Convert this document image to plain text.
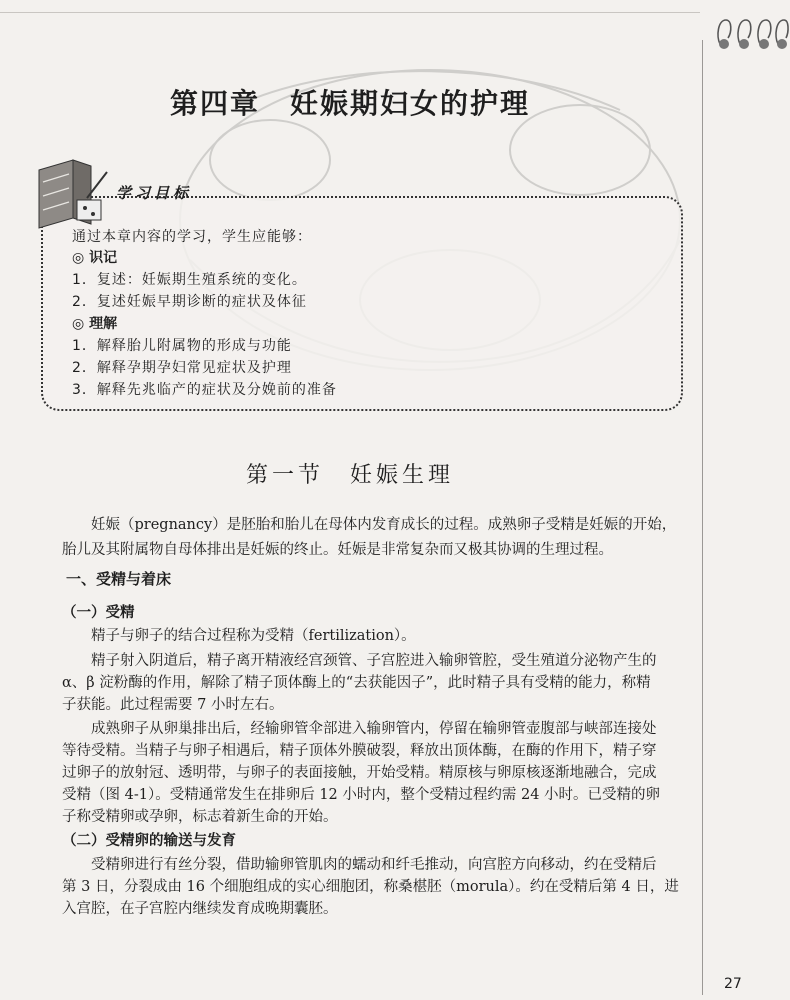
第四章　妊娠期妇女的护理
学习目标
通过本章内容的学习，学生应能够：
◎ 识记
1．复述：妊娠期生殖系统的变化。
2．复述妊娠早期诊断的症状及体征
◎ 理解
1．解释胎儿附属物的形成与功能
2．解释孕期孕妇常见症状及护理
3．解释先兆临产的症状及分娩前的准备
第一节　妊娠生理
妊娠（pregnancy）是胚胎和胎儿在母体内发育成长的过程。成熟卵子受精是妊娠的开始，
胎儿及其附属物自母体排出是妊娠的终止。妊娠是非常复杂而又极其协调的生理过程。
一、受精与着床
（一）受精
精子与卵子的结合过程称为受精（fertilization）。
精子射入阴道后，精子离开精液经宫颈管、子宫腔进入输卵管腔，受生殖道分泌物产生的
α、β 淀粉酶的作用，解除了精子顶体酶上的“去获能因子”，此时精子具有受精的能力，称精
子获能。此过程需要 7 小时左右。
成熟卵子从卵巢排出后，经输卵管伞部进入输卵管内，停留在输卵管壶腹部与峡部连接处
等待受精。当精子与卵子相遇后，精子顶体外膜破裂，释放出顶体酶，在酶的作用下，精子穿
过卵子的放射冠、透明带，与卵子的表面接触，开始受精。精原核与卵原核逐渐地融合，完成
受精（图 4-1）。受精通常发生在排卵后 12 小时内，整个受精过程约需 24 小时。已受精的卵
子称受精卵或孕卵，标志着新生命的开始。
（二）受精卵的输送与发育
受精卵进行有丝分裂，借助输卵管肌肉的蠕动和纤毛推动，向宫腔方向移动，约在受精后
第 3 日，分裂成由 16 个细胞组成的实心细胞团，称桑椹胚（morula）。约在受精后第 4 日，进
入宫腔，在子宫腔内继续发育成晚期囊胚。
27
